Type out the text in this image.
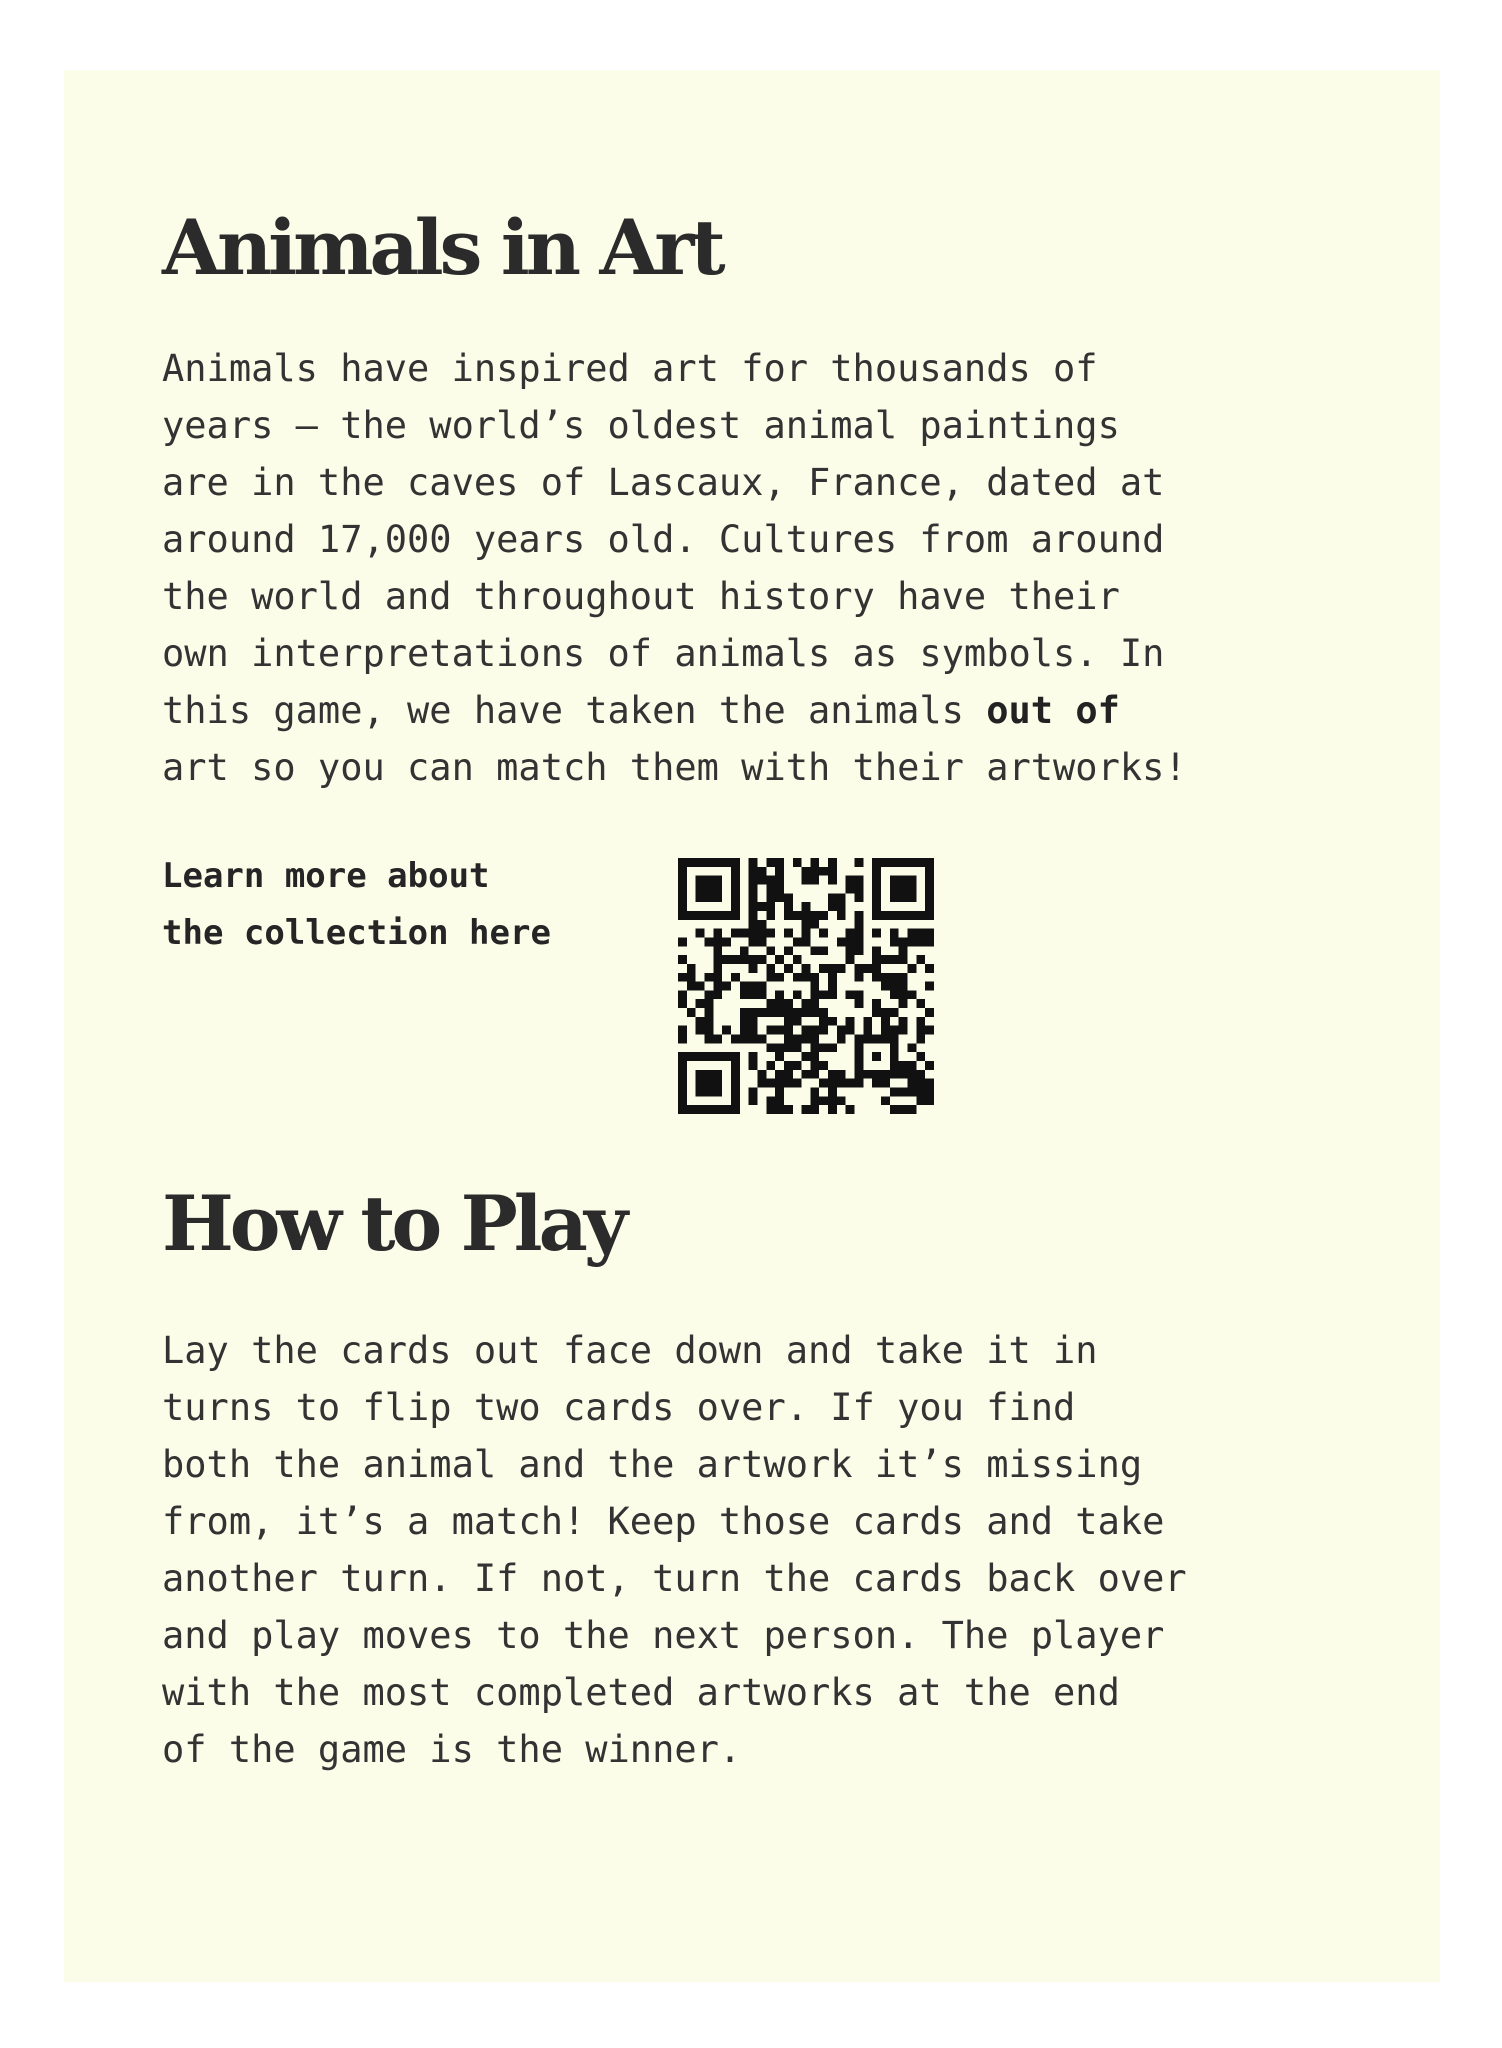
Animals in Art

Animals have inspired art for thousands of
years – the world’s oldest animal paintings
are in the caves of Lascaux, France, dated at
around 17,000 years old. Cultures from around
the world and throughout history have their
own interpretations of animals as symbols. In
this game, we have taken the animals out of
art so you can match them with their artworks!

Learn more about
the collection here
How to Play

Lay the cards out face down and take it in
turns to flip two cards over. If you find
both the animal and the artwork it’s missing
from, it’s a match! Keep those cards and take
another turn. If not, turn the cards back over
and play moves to the next person. The player
with the most completed artworks at the end
of the game is the winner.
